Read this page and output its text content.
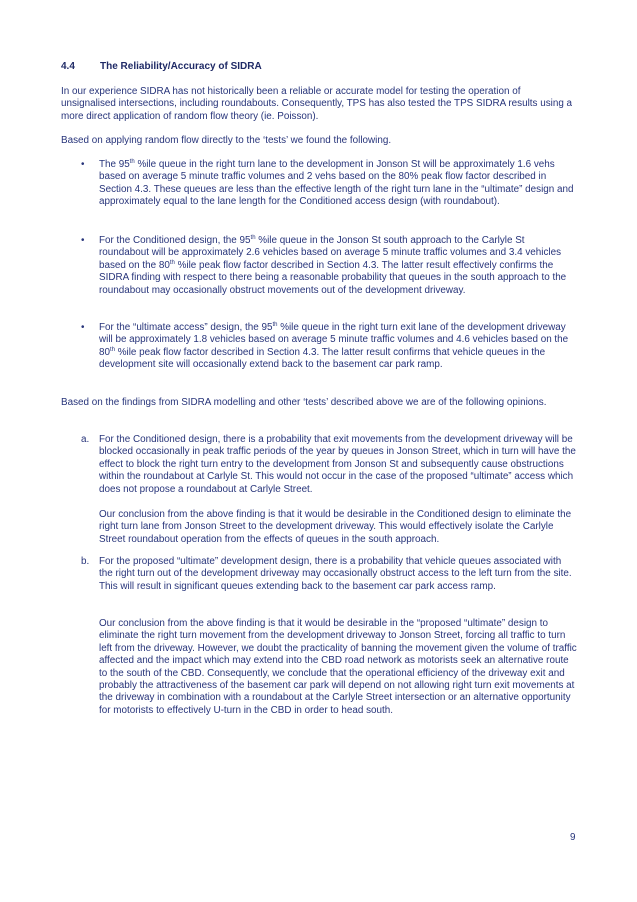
4.4	The Reliability/Accuracy of SIDRA

In our experience SIDRA has not historically been a reliable or accurate model for testing the operation of unsignalised intersections, including roundabouts. Consequently, TPS has also tested the TPS SIDRA results using a more direct application of random flow theory (ie. Poisson).

Based on applying random flow directly to the ‘tests’ we found the following.

• The 95th %ile queue in the right turn lane to the development in Jonson St will be approximately 1.6 vehs based on average 5 minute traffic volumes and 2 vehs based on the 80% peak flow factor described in Section 4.3. These queues are less than the effective length of the right turn lane in the “ultimate” design and approximately equal to the lane length for the Conditioned access design (with roundabout).
• For the Conditioned design, the 95th %ile queue in the Jonson St south approach to the Carlyle St roundabout will be approximately 2.6 vehicles based on average 5 minute traffic volumes and 3.4 vehicles based on the 80th %ile peak flow factor described in Section 4.3. The latter result effectively confirms the SIDRA finding with respect to there being a reasonable probability that queues in the south approach to the roundabout may occasionally obstruct movements out of the development driveway.
• For the “ultimate access” design, the 95th %ile queue in the right turn exit lane of the development driveway will be approximately 1.8 vehicles based on average 5 minute traffic volumes and 4.6 vehicles based on the 80th %ile peak flow factor described in Section 4.3. The latter result confirms that vehicle queues in the development site will occasionally extend back to the basement car park ramp.

Based on the findings from SIDRA modelling and other ‘tests’ described above we are of the following opinions.

a. For the Conditioned design, there is a probability that exit movements from the development driveway will be blocked occasionally in peak traffic periods of the year by queues in Jonson Street, which in turn will have the effect to block the right turn entry to the development from Jonson St and subsequently cause obstructions within the roundabout at Carlyle St. This would not occur in the case of the proposed “ultimate” access which does not propose a roundabout at Carlyle Street.

Our conclusion from the above finding is that it would be desirable in the Conditioned design to eliminate the right turn lane from Jonson Street to the development driveway. This would effectively isolate the Carlyle Street roundabout operation from the effects of queues in the south approach.

b. For the proposed “ultimate” development design, there is a probability that vehicle queues associated with the right turn out of the development driveway may occasionally obstruct access to the left turn from the site. This will result in significant queues extending back to the basement car park access ramp.

Our conclusion from the above finding is that it would be desirable in the “proposed “ultimate” design to eliminate the right turn movement from the development driveway to Jonson Street, forcing all traffic to turn left from the driveway. However, we doubt the practicality of banning the movement given the volume of traffic affected and the impact which may extend into the CBD road network as motorists seek an alternative route to the south of the CBD. Consequently, we conclude that the operational efficiency of the driveway exit and probably the attractiveness of the basement car park will depend on not allowing right turn exit movements at the driveway in combination with a roundabout at the Carlyle Street intersection or an alternative opportunity for motorists to effectively U-turn in the CBD in order to head south.

9
